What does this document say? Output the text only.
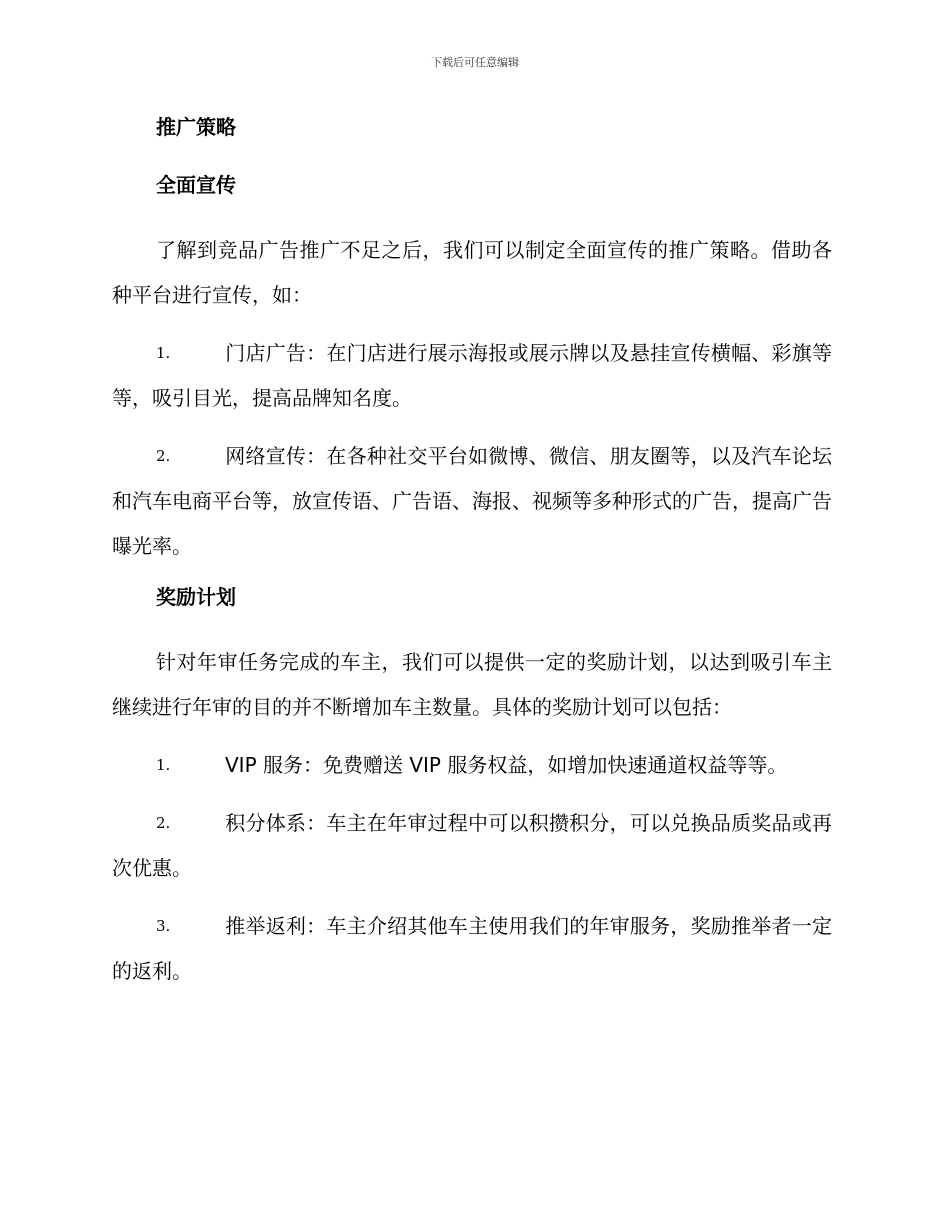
下载后可任意编辑
推广策略
全面宣传

了解到竞品广告推广不足之后，我们可以制定全面宣传的推广策略。借助各种平台进行宣传，如：

1.	门店广告：在门店进行展示海报或展示牌以及悬挂宣传横幅、彩旗等等，吸引目光，提高品牌知名度。

2.	网络宣传：在各种社交平台如微博、微信、朋友圈等，以及汽车论坛和汽车电商平台等，放宣传语、广告语、海报、视频等多种形式的广告，提高广告曝光率。

奖励计划

针对年审任务完成的车主，我们可以提供一定的奖励计划，以达到吸引车主继续进行年审的目的并不断增加车主数量。具体的奖励计划可以包括：

1.	VIP 服务：免费赠送 VIP 服务权益，如增加快速通道权益等等。

2.	积分体系：车主在年审过程中可以积攒积分，可以兑换品质奖品或再次优惠。

3.	推举返利：车主介绍其他车主使用我们的年审服务，奖励推举者一定的返利。
